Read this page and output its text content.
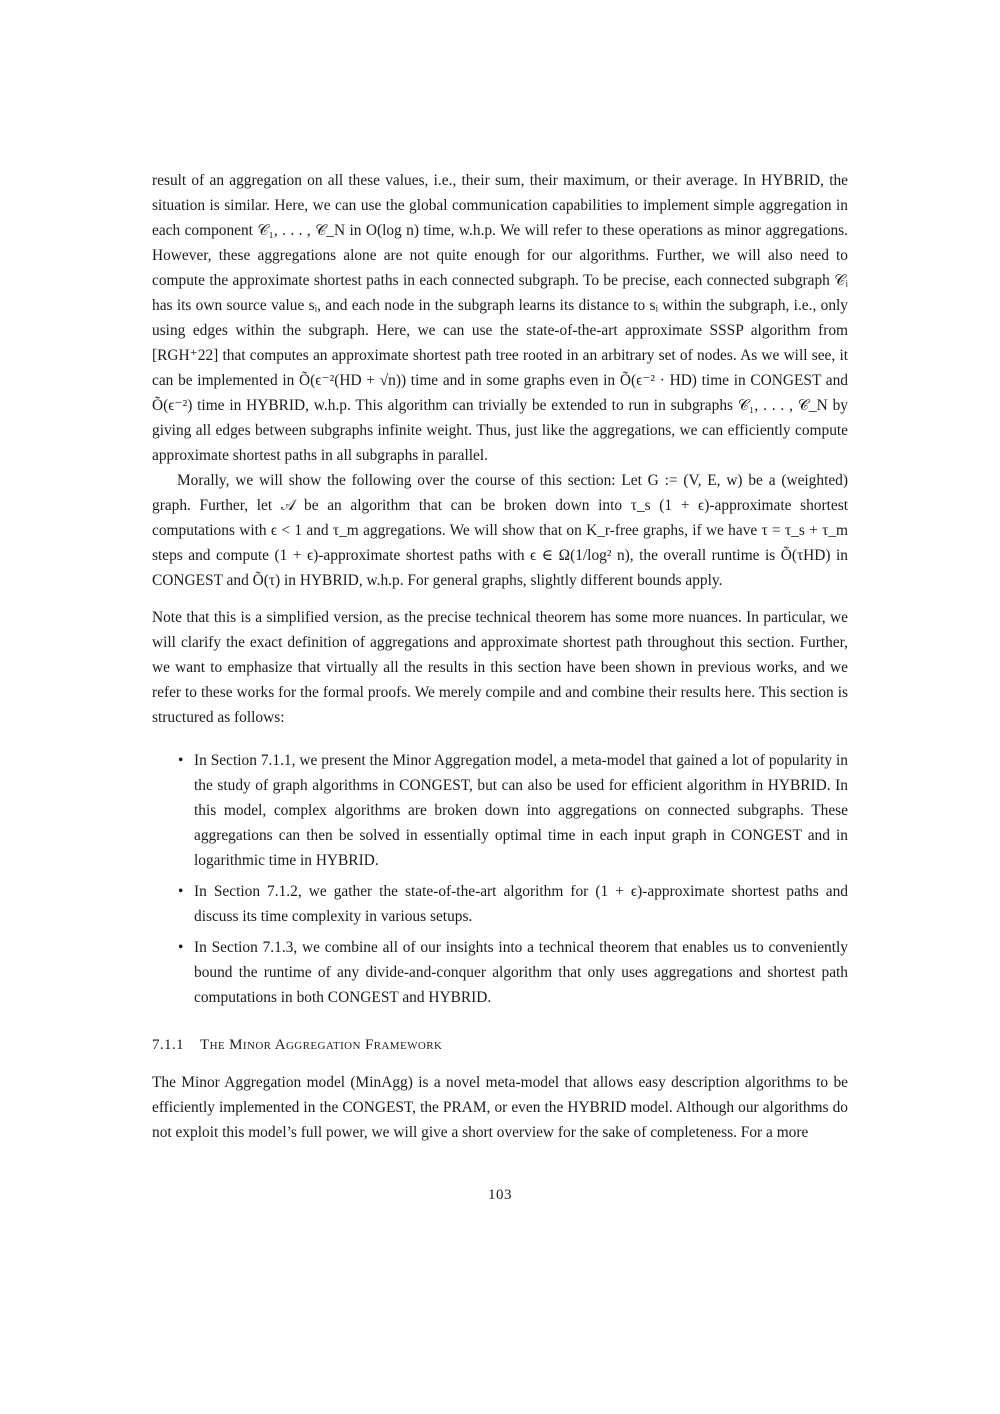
result of an aggregation on all these values, i.e., their sum, their maximum, or their average. In HYBRID, the situation is similar. Here, we can use the global communication capabilities to implement simple aggregation in each component 𝒞₁, . . . , 𝒞_N in O(log n) time, w.h.p. We will refer to these operations as minor aggregations. However, these aggregations alone are not quite enough for our algorithms. Further, we will also need to compute the approximate shortest paths in each connected subgraph. To be precise, each connected subgraph 𝒞ᵢ has its own source value sᵢ, and each node in the subgraph learns its distance to sᵢ within the subgraph, i.e., only using edges within the subgraph. Here, we can use the state-of-the-art approximate SSSP algorithm from [RGH⁺22] that computes an approximate shortest path tree rooted in an arbitrary set of nodes. As we will see, it can be implemented in Õ(ϵ⁻²(HD + √n)) time and in some graphs even in Õ(ϵ⁻² · HD) time in CONGEST and Õ(ϵ⁻²) time in HYBRID, w.h.p. This algorithm can trivially be extended to run in subgraphs 𝒞₁, . . . , 𝒞_N by giving all edges between subgraphs infinite weight. Thus, just like the aggregations, we can efficiently compute approximate shortest paths in all subgraphs in parallel.

Morally, we will show the following over the course of this section: Let G := (V, E, w) be a (weighted) graph. Further, let 𝒜 be an algorithm that can be broken down into τ_s (1 + ϵ)-approximate shortest computations with ϵ < 1 and τ_m aggregations. We will show that on K_r-free graphs, if we have τ = τ_s + τ_m steps and compute (1 + ϵ)-approximate shortest paths with ϵ ∈ Ω(1/log² n), the overall runtime is Õ(τHD) in CONGEST and Õ(τ) in HYBRID, w.h.p. For general graphs, slightly different bounds apply.

Note that this is a simplified version, as the precise technical theorem has some more nuances. In particular, we will clarify the exact definition of aggregations and approximate shortest path throughout this section. Further, we want to emphasize that virtually all the results in this section have been shown in previous works, and we refer to these works for the formal proofs. We merely compile and and combine their results here. This section is structured as follows:

• In Section 7.1.1, we present the Minor Aggregation model, a meta-model that gained a lot of popularity in the study of graph algorithms in CONGEST, but can also be used for efficient algorithm in HYBRID. In this model, complex algorithms are broken down into aggregations on connected subgraphs. These aggregations can then be solved in essentially optimal time in each input graph in CONGEST and in logarithmic time in HYBRID.
• In Section 7.1.2, we gather the state-of-the-art algorithm for (1 + ϵ)-approximate shortest paths and discuss its time complexity in various setups.
• In Section 7.1.3, we combine all of our insights into a technical theorem that enables us to conveniently bound the runtime of any divide-and-conquer algorithm that only uses aggregations and shortest path computations in both CONGEST and HYBRID.
7.1.1 The Minor Aggregation Framework

The Minor Aggregation model (MinAgg) is a novel meta-model that allows easy description algorithms to be efficiently implemented in the CONGEST, the PRAM, or even the HYBRID model. Although our algorithms do not exploit this model’s full power, we will give a short overview for the sake of completeness. For a more

103
